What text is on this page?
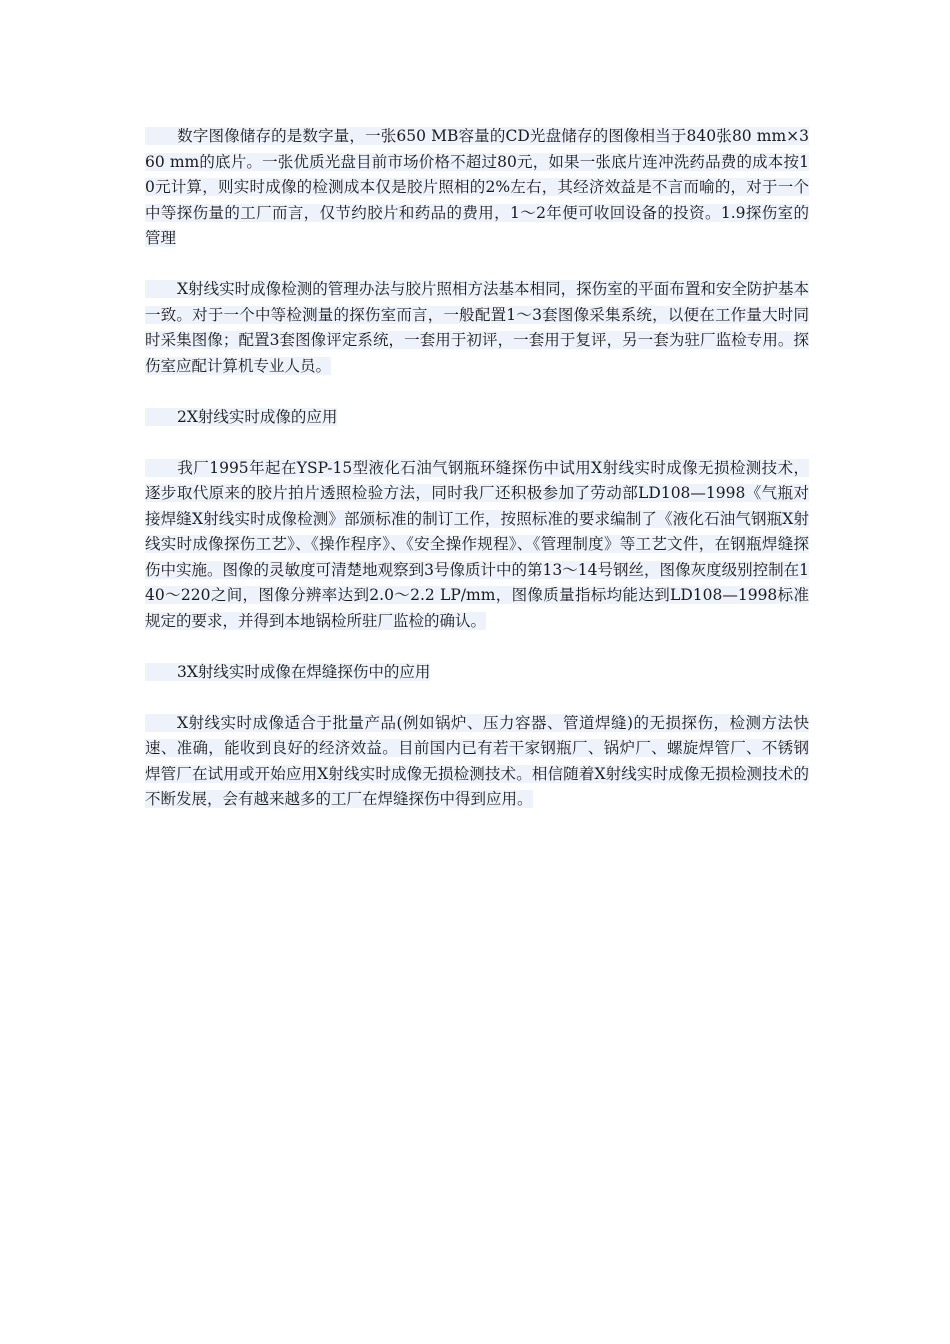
数字图像储存的是数字量，一张650 MB容量的CD光盘储存的图像相当于840张80 mm×360 mm的底片。一张优质光盘目前市场价格不超过80元，如果一张底片连冲洗药品费的成本按10元计算，则实时成像的检测成本仅是胶片照相的2%左右，其经济效益是不言而喻的，对于一个中等探伤量的工厂而言，仅节约胶片和药品的费用，1～2年便可收回设备的投资。1.9探伤室的管理

X射线实时成像检测的管理办法与胶片照相方法基本相同，探伤室的平面布置和安全防护基本一致。对于一个中等检测量的探伤室而言，一般配置1～3套图像采集系统，以便在工作量大时同时采集图像；配置3套图像评定系统，一套用于初评，一套用于复评，另一套为驻厂监检专用。探伤室应配计算机专业人员。

2X射线实时成像的应用

我厂1995年起在YSP-15型液化石油气钢瓶环缝探伤中试用X射线实时成像无损检测技术，逐步取代原来的胶片拍片透照检验方法，同时我厂还积极参加了劳动部LD108—1998《气瓶对接焊缝X射线实时成像检测》部颁标准的制订工作，按照标准的要求编制了《液化石油气钢瓶X射线实时成像探伤工艺》、《操作程序》、《安全操作规程》、《管理制度》等工艺文件，在钢瓶焊缝探伤中实施。图像的灵敏度可清楚地观察到3号像质计中的第13～14号钢丝，图像灰度级别控制在140～220之间，图像分辨率达到2.0～2.2 LP/mm，图像质量指标均能达到LD108—1998标准规定的要求，并得到本地锅检所驻厂监检的确认。

3X射线实时成像在焊缝探伤中的应用

X射线实时成像适合于批量产品(例如锅炉、压力容器、管道焊缝)的无损探伤，检测方法快速、准确，能收到良好的经济效益。目前国内已有若干家钢瓶厂、锅炉厂、螺旋焊管厂、不锈钢焊管厂在试用或开始应用X射线实时成像无损检测技术。相信随着X射线实时成像无损检测技术的不断发展，会有越来越多的工厂在焊缝探伤中得到应用。
